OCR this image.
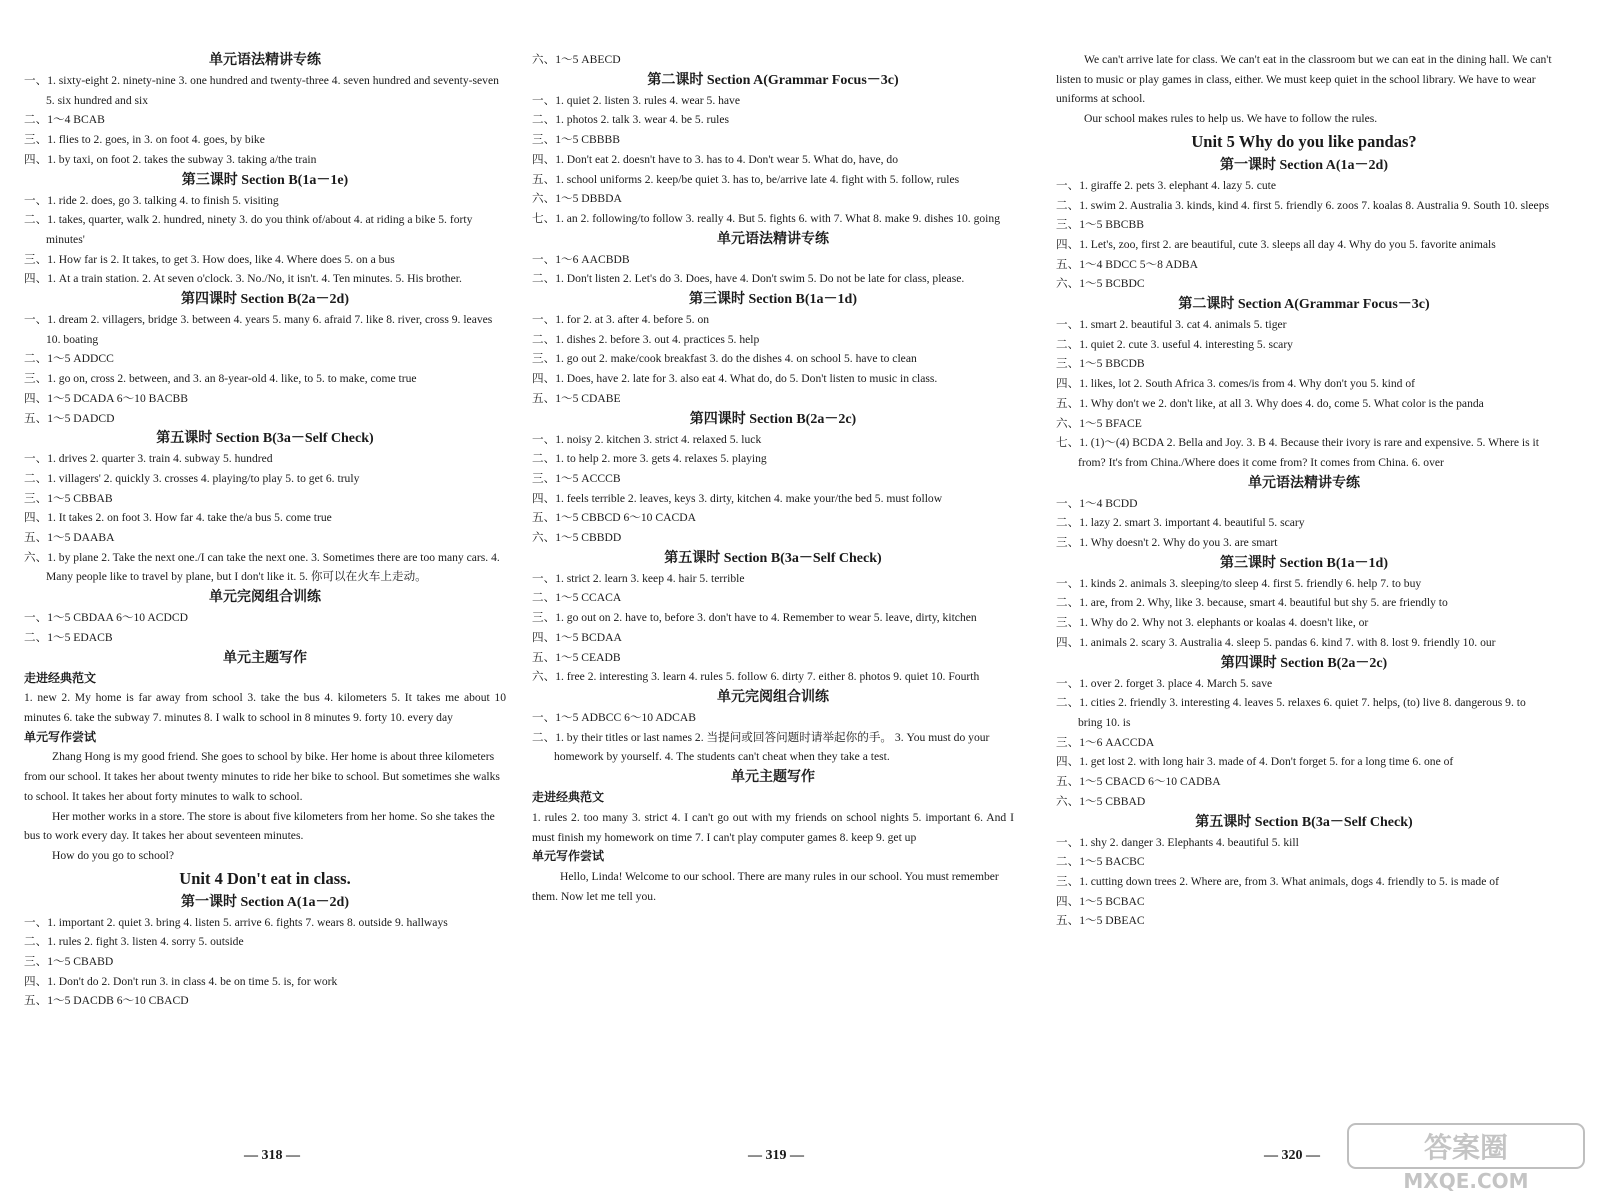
单元语法精讲专练
一、1. sixty-eight 2. ninety-nine 3. one hundred and twenty-three 4. seven hundred and seventy-seven 5. six hundred and six
二、1～4 BCAB
三、1. flies to 2. goes, in 3. on foot 4. goes, by bike
四、1. by taxi, on foot 2. takes the subway 3. taking a/the train
第三课时 Section B(1a－1e)
一、1. ride 2. does, go 3. talking 4. to finish 5. visiting
二、1. takes, quarter, walk 2. hundred, ninety 3. do you think of/about 4. at riding a bike 5. forty minutes'
三、1. How far is 2. It takes, to get 3. How does, like 4. Where does 5. on a bus
四、1. At a train station. 2. At seven o'clock. 3. No./No, it isn't. 4. Ten minutes. 5. His brother.
第四课时 Section B(2a－2d)
一、1. dream 2. villagers, bridge 3. between 4. years 5. many 6. afraid 7. like 8. river, cross 9. leaves 10. boating
二、1～5 ADDCC
三、1. go on, cross 2. between, and 3. an 8-year-old 4. like, to 5. to make, come true
四、1～5 DCADA 6～10 BACBB
五、1～5 DADCD
第五课时 Section B(3a－Self Check)
一、1. drives 2. quarter 3. train 4. subway 5. hundred
二、1. villagers' 2. quickly 3. crosses 4. playing/to play 5. to get 6. truly
三、1～5 CBBAB
四、1. It takes 2. on foot 3. How far 4. take the/a bus 5. come true
五、1～5 DAABA
六、1. by plane 2. Take the next one./I can take the next one. 3. Sometimes there are too many cars. 4. Many people like to travel by plane, but I don't like it. 5. 你可以在火车上走动。
单元完阅组合训练
一、1～5 CBDAA 6～10 ACDCD
二、1～5 EDACB
单元主题写作
走进经典范文
1. new 2. My home is far away from school 3. take the bus 4. kilometers 5. It takes me about 10 minutes 6. take the subway 7. minutes 8. I walk to school in 8 minutes 9. forty 10. every day
单元写作尝试
Zhang Hong is my good friend. She goes to school by bike. Her home is about three kilometers from our school. It takes her about twenty minutes to ride her bike to school. But sometimes she walks to school. It takes her about forty minutes to walk to school.
Her mother works in a store. The store is about five kilometers from her home. So she takes the bus to work every day. It takes her about seventeen minutes.
How do you go to school?
Unit 4 Don't eat in class.
第一课时 Section A(1a－2d)
一、1. important 2. quiet 3. bring 4. listen 5. arrive 6. fights 7. wears 8. outside 9. hallways
二、1. rules 2. fight 3. listen 4. sorry 5. outside
三、1～5 CBABD
四、1. Don't do 2. Don't run 3. in class 4. be on time 5. is, for work
五、1～5 DACDB 6～10 CBACD
六、1～5 ABECD
第二课时 Section A(Grammar Focus－3c)
一、1. quiet 2. listen 3. rules 4. wear 5. have
二、1. photos 2. talk 3. wear 4. be 5. rules
三、1～5 CBBBB
四、1. Don't eat 2. doesn't have to 3. has to 4. Don't wear 5. What do, have, do
五、1. school uniforms 2. keep/be quiet 3. has to, be/arrive late 4. fight with 5. follow, rules
六、1～5 DBBDA
七、1. an 2. following/to follow 3. really 4. But 5. fights 6. with 7. What 8. make 9. dishes 10. going
单元语法精讲专练
一、1～6 AACBDB
二、1. Don't listen 2. Let's do 3. Does, have 4. Don't swim 5. Do not be late for class, please.
第三课时 Section B(1a－1d)
一、1. for 2. at 3. after 4. before 5. on
二、1. dishes 2. before 3. out 4. practices 5. help
三、1. go out 2. make/cook breakfast 3. do the dishes 4. on school 5. have to clean
四、1. Does, have 2. late for 3. also eat 4. What do, do 5. Don't listen to music in class.
五、1～5 CDABE
第四课时 Section B(2a－2c)
一、1. noisy 2. kitchen 3. strict 4. relaxed 5. luck
二、1. to help 2. more 3. gets 4. relaxes 5. playing
三、1～5 ACCCB
四、1. feels terrible 2. leaves, keys 3. dirty, kitchen 4. make your/the bed 5. must follow
五、1～5 CBBCD 6～10 CACDA
六、1～5 CBBDD
第五课时 Section B(3a－Self Check)
一、1. strict 2. learn 3. keep 4. hair 5. terrible
二、1～5 CCACA
三、1. go out on 2. have to, before 3. don't have to 4. Remember to wear 5. leave, dirty, kitchen
四、1～5 BCDAA
五、1～5 CEADB
六、1. free 2. interesting 3. learn 4. rules 5. follow 6. dirty 7. either 8. photos 9. quiet 10. Fourth
单元完阅组合训练
一、1～5 ADBCC 6～10 ADCAB
二、1. by their titles or last names 2. 当提问或回答问题时请举起你的手。 3. You must do your homework by yourself. 4. The students can't cheat when they take a test.
单元主题写作
走进经典范文
1. rules 2. too many 3. strict 4. I can't go out with my friends on school nights 5. important 6. And I must finish my homework on time 7. I can't play computer games 8. keep 9. get up
单元写作尝试
Hello, Linda! Welcome to our school. There are many rules in our school. You must remember them. Now let me tell you.
We can't arrive late for class. We can't eat in the classroom but we can eat in the dining hall. We can't listen to music or play games in class, either. We must keep quiet in the school library. We have to wear uniforms at school.
Our school makes rules to help us. We have to follow the rules.
Unit 5 Why do you like pandas?
第一课时 Section A(1a－2d)
一、1. giraffe 2. pets 3. elephant 4. lazy 5. cute
二、1. swim 2. Australia 3. kinds, kind 4. first 5. friendly 6. zoos 7. koalas 8. Australia 9. South 10. sleeps
三、1～5 BBCBB
四、1. Let's, zoo, first 2. are beautiful, cute 3. sleeps all day 4. Why do you 5. favorite animals
五、1～4 BDCC 5～8 ADBA
六、1～5 BCBDC
第二课时 Section A(Grammar Focus－3c)
一、1. smart 2. beautiful 3. cat 4. animals 5. tiger
二、1. quiet 2. cute 3. useful 4. interesting 5. scary
三、1～5 BBCDB
四、1. likes, lot 2. South Africa 3. comes/is from 4. Why don't you 5. kind of
五、1. Why don't we 2. don't like, at all 3. Why does 4. do, come 5. What color is the panda
六、1～5 BFACE
七、1. (1)～(4) BCDA 2. Bella and Joy. 3. B 4. Because their ivory is rare and expensive. 5. Where is it from? It's from China./Where does it come from? It comes from China. 6. over
单元语法精讲专练
一、1～4 BCDD
二、1. lazy 2. smart 3. important 4. beautiful 5. scary
三、1. Why doesn't 2. Why do you 3. are smart
第三课时 Section B(1a－1d)
一、1. kinds 2. animals 3. sleeping/to sleep 4. first 5. friendly 6. help 7. to buy
二、1. are, from 2. Why, like 3. because, smart 4. beautiful but shy 5. are friendly to
三、1. Why do 2. Why not 3. elephants or koalas 4. doesn't like, or
四、1. animals 2. scary 3. Australia 4. sleep 5. pandas 6. kind 7. with 8. lost 9. friendly 10. our
第四课时 Section B(2a－2c)
一、1. over 2. forget 3. place 4. March 5. save
二、1. cities 2. friendly 3. interesting 4. leaves 5. relaxes 6. quiet 7. helps, (to) live 8. dangerous 9. to bring 10. is
三、1～6 AACCDA
四、1. get lost 2. with long hair 3. made of 4. Don't forget 5. for a long time 6. one of
五、1～5 CBACD 6～10 CADBA
六、1～5 CBBAD
第五课时 Section B(3a－Self Check)
一、1. shy 2. danger 3. Elephants 4. beautiful 5. kill
二、1～5 BACBC
三、1. cutting down trees 2. Where are, from 3. What animals, dogs 4. friendly to 5. is made of
四、1～5 BCBAC
五、1～5 DBEAC
— 318 —	— 319 —	— 320 —	答案圈
MXQE.COM
